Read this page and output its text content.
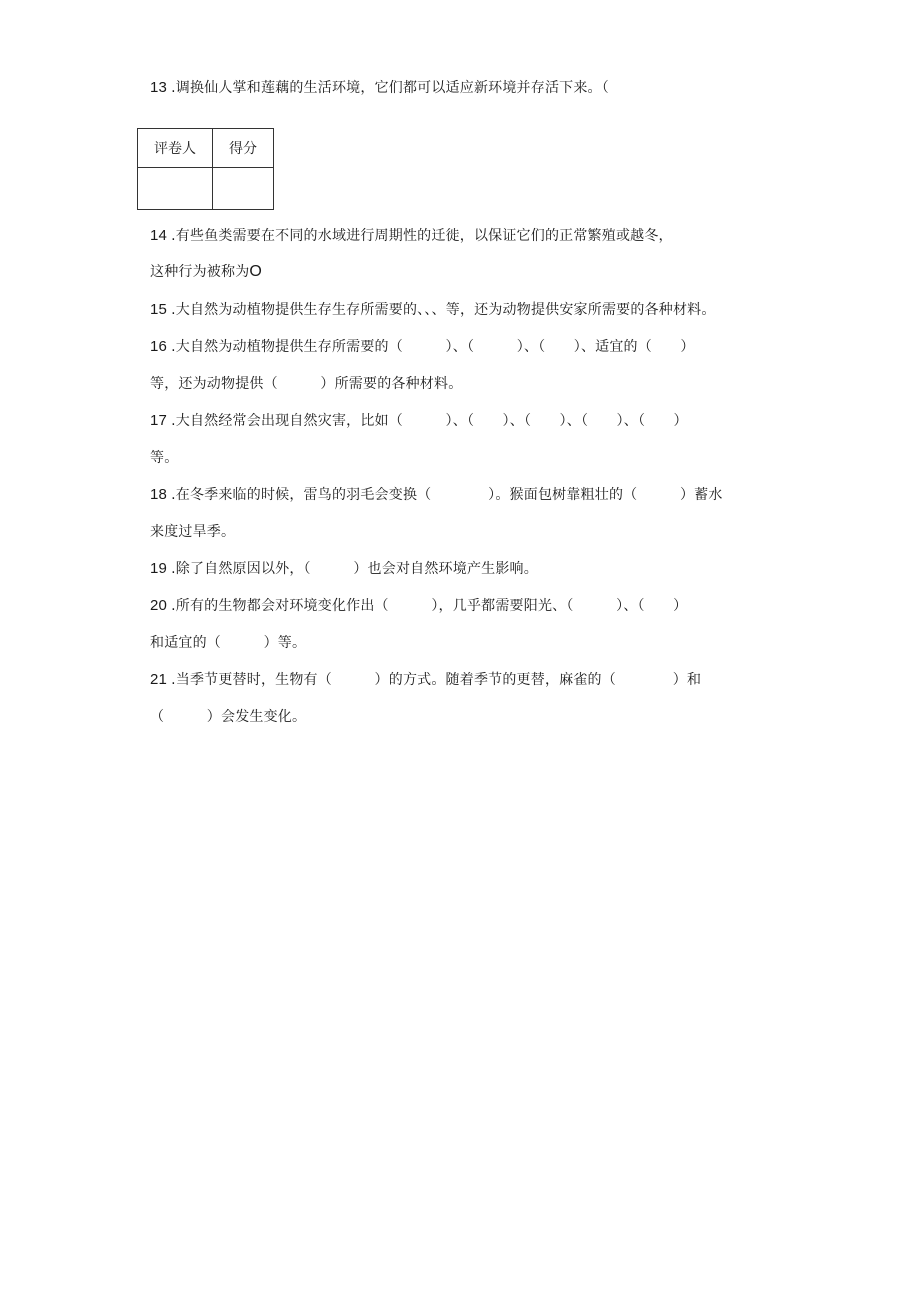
13 .调换仙人掌和莲藕的生活环境，它们都可以适应新环境并存活下来。（
评卷人	得分

14 .有些鱼类需要在不同的水域进行周期性的迁徙，以保证它们的正常繁殖或越冬，
这种行为被称为O
15 .大自然为动植物提供生存生存所需要的、、、等，还为动物提供安家所需要的各种材料。
16 .大自然为动植物提供生存所需要的（　　　）、（　　　）、（　　）、适宜的（　　）
等，还为动物提供（　　　）所需要的各种材料。
17 .大自然经常会出现自然灾害，比如（　　　）、（　　）、（　　）、（　　）、（　　）
等。
18 .在冬季来临的时候，雷鸟的羽毛会变换（　　　　）。猴面包树靠粗壮的（　　　）蓄水
来度过旱季。
19 .除了自然原因以外，（　　　）也会对自然环境产生影响。
20 .所有的生物都会对环境变化作出（　　　），几乎都需要阳光、（　　　）、（　　）
和适宜的（　　　）等。
21 .当季节更替时，生物有（　　　）的方式。随着季节的更替，麻雀的（　　　　）和
（　　　）会发生变化。
